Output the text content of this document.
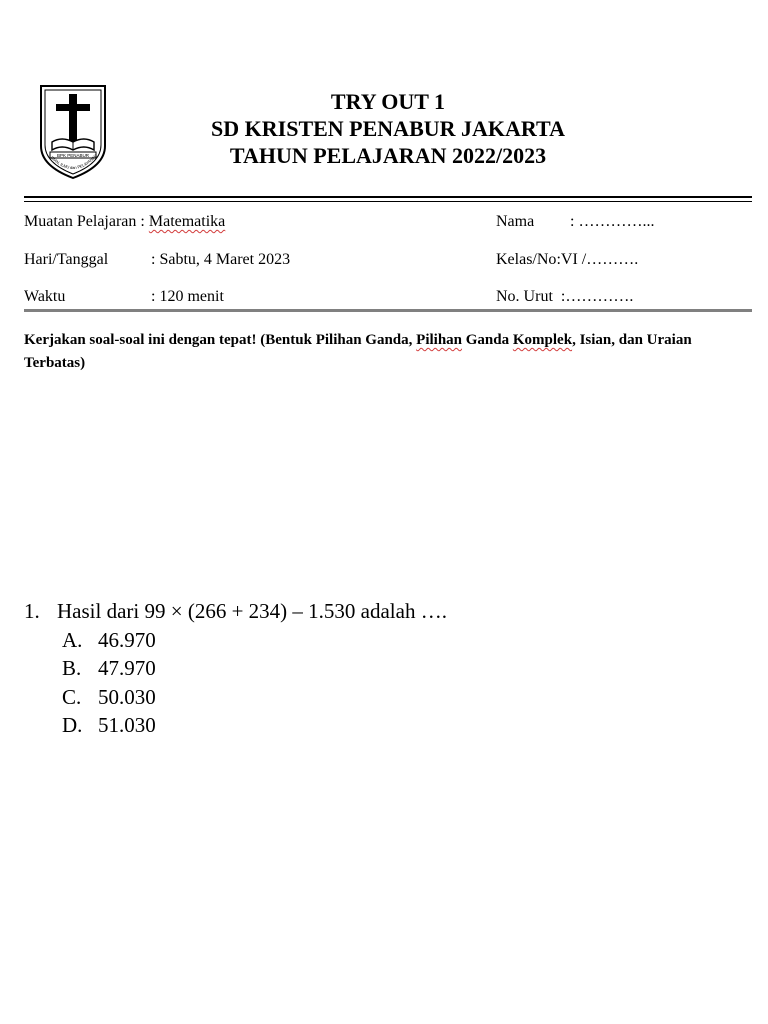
BPK PENABUR
IMAN, ILMU dan PELAYANAN
TRY OUT 1
SD KRISTEN PENABUR JAKARTA
TAHUN PELAJARAN 2022/2023
Muatan Pelajaran : Matematika
Hari/Tanggal	: Sabtu, 4 Maret 2023
Waktu	: 120 menit
Nama : …………...
Kelas/No:VI /……….
No. Urut :………….
Kerjakan soal-soal ini dengan tepat! (Bentuk Pilihan Ganda, Pilihan Ganda Komplek, Isian, dan Uraian Terbatas)
1. Hasil dari 99 × (266 + 234) – 1.530 adalah ….
A. 46.970
B. 47.970
C. 50.030
D. 51.030
